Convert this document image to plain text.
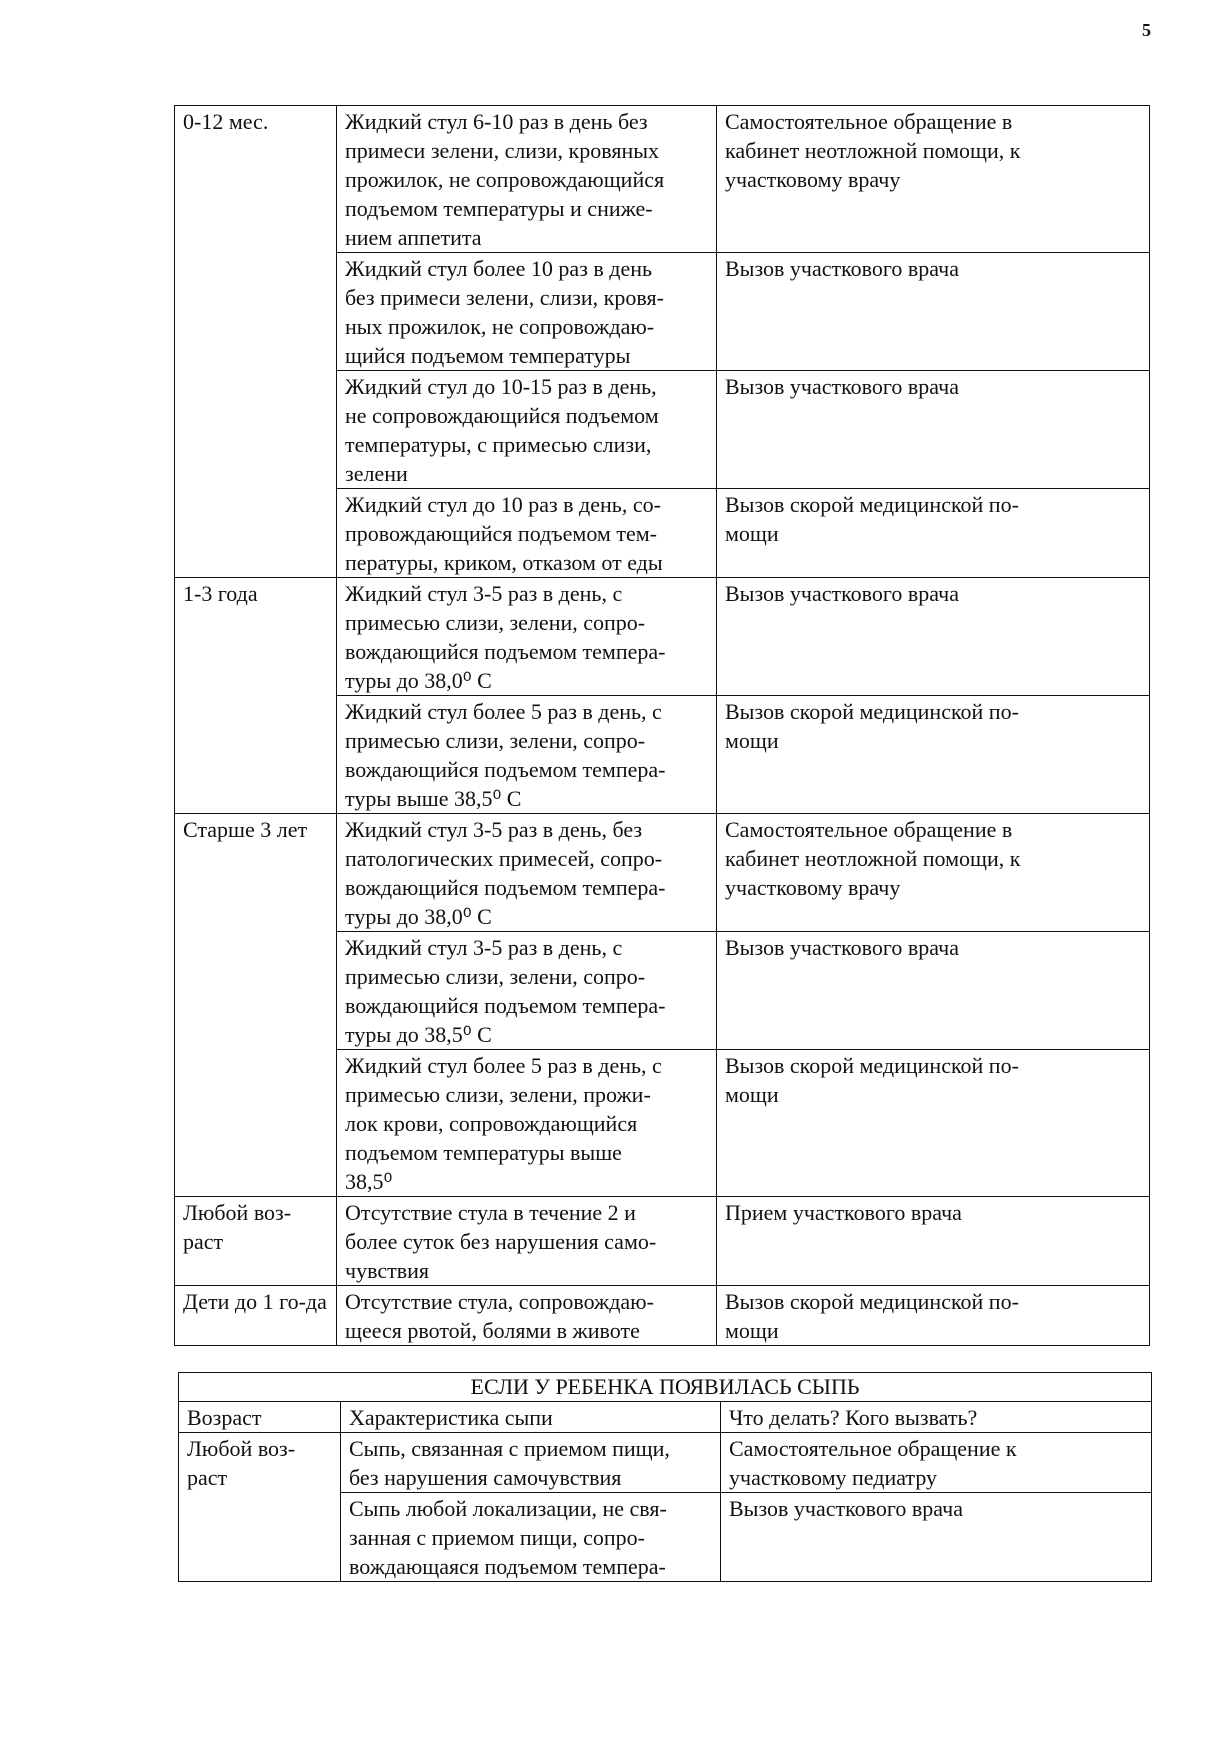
5
0-12 мес.	Жидкий стул 6-10 раз в день без
примеси зелени, слизи, кровяных
прожилок, не сопровождающийся
подъемом температуры и сниже-
нием аппетита	Самостоятельное обращение в
кабинет неотложной помощи, к
участковому врачу

	Жидкий стул более 10 раз в день
без примеси зелени, слизи, кровя-
ных прожилок, не сопровождаю-
щийся подъемом температуры	Вызов участкового врача

	Жидкий стул до 10-15 раз в день,
не сопровождающийся подъемом
температуры, с примесью слизи,
зелени	Вызов участкового врача

	Жидкий стул до 10 раз в день, со-
провождающийся подъемом тем-
пературы, криком, отказом от еды	Вызов скорой медицинской по-
мощи

1-3 года	Жидкий стул 3-5 раз в день, с
примесью слизи, зелени, сопро-
вождающийся подъемом темпера-
туры до 38,0⁰ С	Вызов участкового врача

	Жидкий стул более 5 раз в день, с
примесью слизи, зелени, сопро-
вождающийся подъемом темпера-
туры выше 38,5⁰ С	Вызов скорой медицинской по-
мощи

Старше 3 лет	Жидкий стул 3-5 раз в день, без
патологических примесей, сопро-
вождающийся подъемом темпера-
туры до 38,0⁰ С	Самостоятельное обращение в
кабинет неотложной помощи, к
участковому врачу

	Жидкий стул 3-5 раз в день, с
примесью слизи, зелени, сопро-
вождающийся подъемом темпера-
туры до 38,5⁰ С	Вызов участкового врача

	Жидкий стул более 5 раз в день, с
примесью слизи, зелени, прожи-
лок крови, сопровождающийся
подъемом температуры выше
38,5⁰	Вызов скорой медицинской по-
мощи

Любой воз-раст	Отсутствие стула в течение 2 и
более суток без нарушения само-
чувствия	Прием участкового врача

Дети до 1 го-да	Отсутствие стула, сопровождаю-
щееся рвотой, болями в животе	Вызов скорой медицинской по-
мощи
ЕСЛИ У РЕБЕНКА ПОЯВИЛАСЬ СЫПЬ		
Возраст	Характеристика сыпи	Что делать? Кого вызвать?
Любой воз-раст	Сыпь, связанная с приемом пищи,
без нарушения самочувствия	Самостоятельное обращение к
участковому педиатру

	Сыпь любой локализации, не свя-
занная с приемом пищи, сопро-
вождающаяся подъемом темпера-	Вызов участкового врача
